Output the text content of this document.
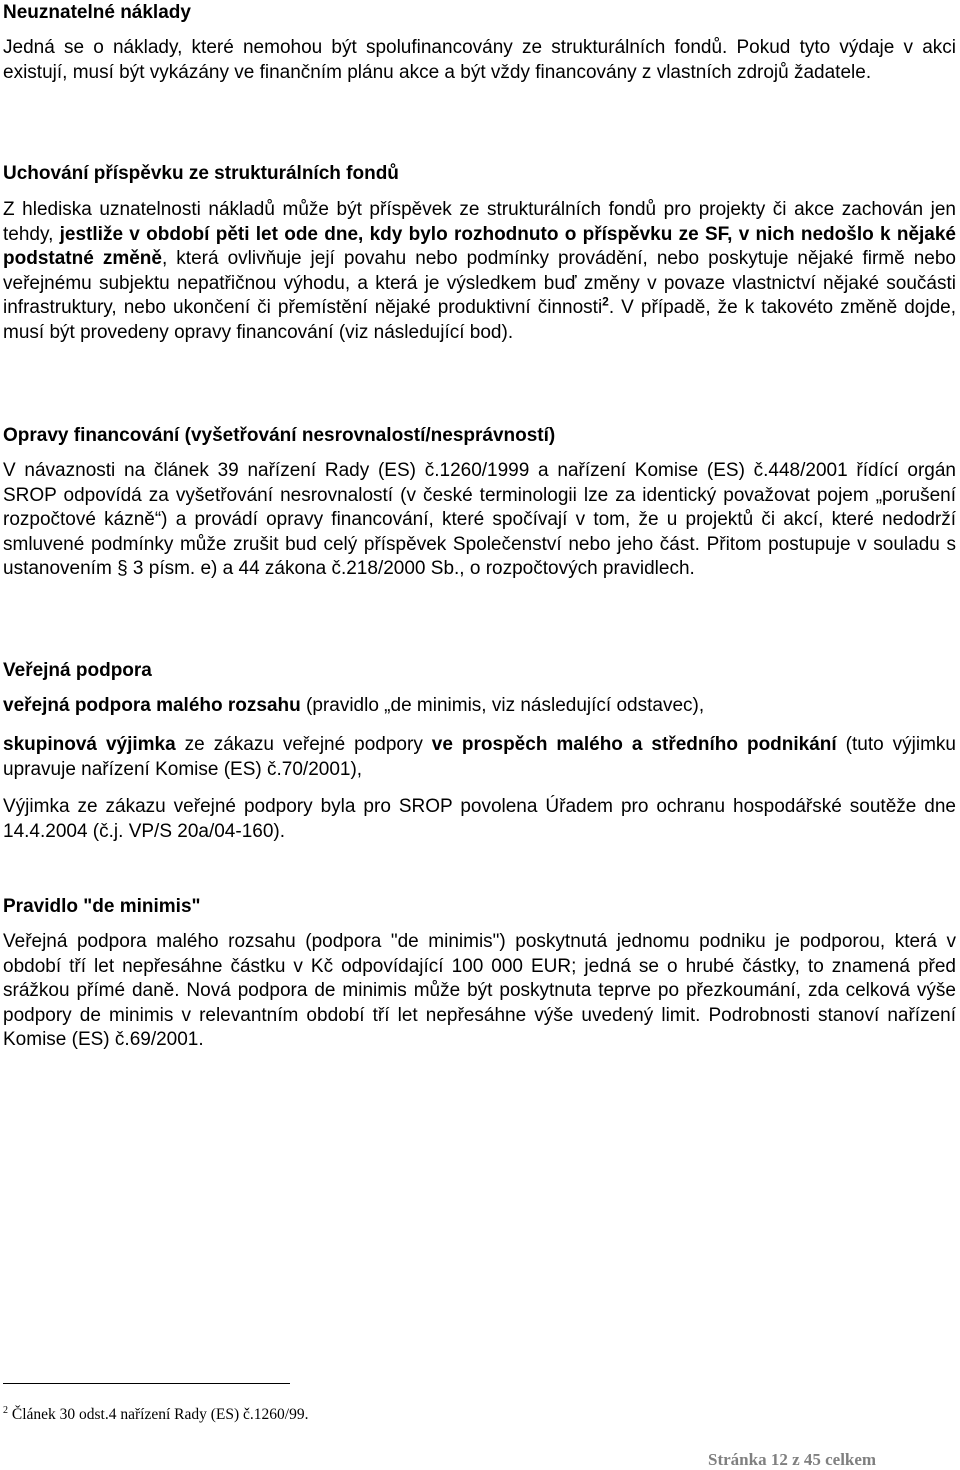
Neuznatelné náklady

Jedná se o náklady, které nemohou být spolufinancovány ze strukturálních fondů. Pokud tyto výdaje v akci existují, musí být vykázány ve finančním plánu akce a být vždy financovány z vlastních zdrojů žadatele.

Uchování příspěvku ze strukturálních fondů

Z hlediska uznatelnosti nákladů může být příspěvek ze strukturálních fondů pro projekty či akce zachován jen tehdy, jestliže v období pěti let ode dne, kdy bylo rozhodnuto o příspěvku ze SF, v nich nedošlo k nějaké podstatné změně, která ovlivňuje její povahu nebo podmínky provádění, nebo poskytuje nějaké firmě nebo veřejnému subjektu nepatřičnou výhodu, a která je výsledkem buď změny v povaze vlastnictví nějaké součásti infrastruktury, nebo ukončení či přemístění nějaké produktivní činnosti$^2$. V případě, že k takovéto změně dojde, musí být provedeny opravy financování (viz následující bod).

Opravy financování (vyšetřování nesrovnalostí/nesprávností)

V návaznosti na článek 39 nařízení Rady (ES) č.1260/1999 a nařízení Komise (ES) č.448/2001 řídící orgán SROP odpovídá za vyšetřování nesrovnalostí (v české terminologii lze za identický považovat pojem „porušení rozpočtové kázně“) a provádí opravy financování, které spočívají v tom, že u projektů či akcí, které nedodrží smluvené podmínky může zrušit bud celý příspěvek Společenství nebo jeho část. Přitom postupuje v souladu s ustanovením § 3 písm. e) a 44 zákona č.218/2000 Sb., o rozpočtových pravidlech.

Veřejná podpora

veřejná podpora malého rozsahu (pravidlo „de minimis, viz následující odstavec),

skupinová výjimka ze zákazu veřejné podpory ve prospěch malého a středního podnikání (tuto výjimku upravuje nařízení Komise (ES) č.70/2001),

Výjimka ze zákazu veřejné podpory byla pro SROP povolena Úřadem pro ochranu hospodářské soutěže dne 14.4.2004 (č.j. VP/S 20a/04-160).

Pravidlo "de minimis"

Veřejná podpora malého rozsahu (podpora "de minimis") poskytnutá jednomu podniku je podporou, která v období tří let nepřesáhne částku v Kč odpovídající 100 000 EUR; jedná se o hrubé částky, to znamená před srážkou přímé daně. Nová podpora de minimis může být poskytnuta teprve po přezkoumání, zda celková výše podpory de minimis v relevantním období tří let nepřesáhne výše uvedený limit. Podrobnosti stanoví nařízení Komise (ES) č.69/2001.

$^2$ Článek 30 odst.4 nařízení Rady (ES) č.1260/99.
Stránka 12 z 45 celkem
